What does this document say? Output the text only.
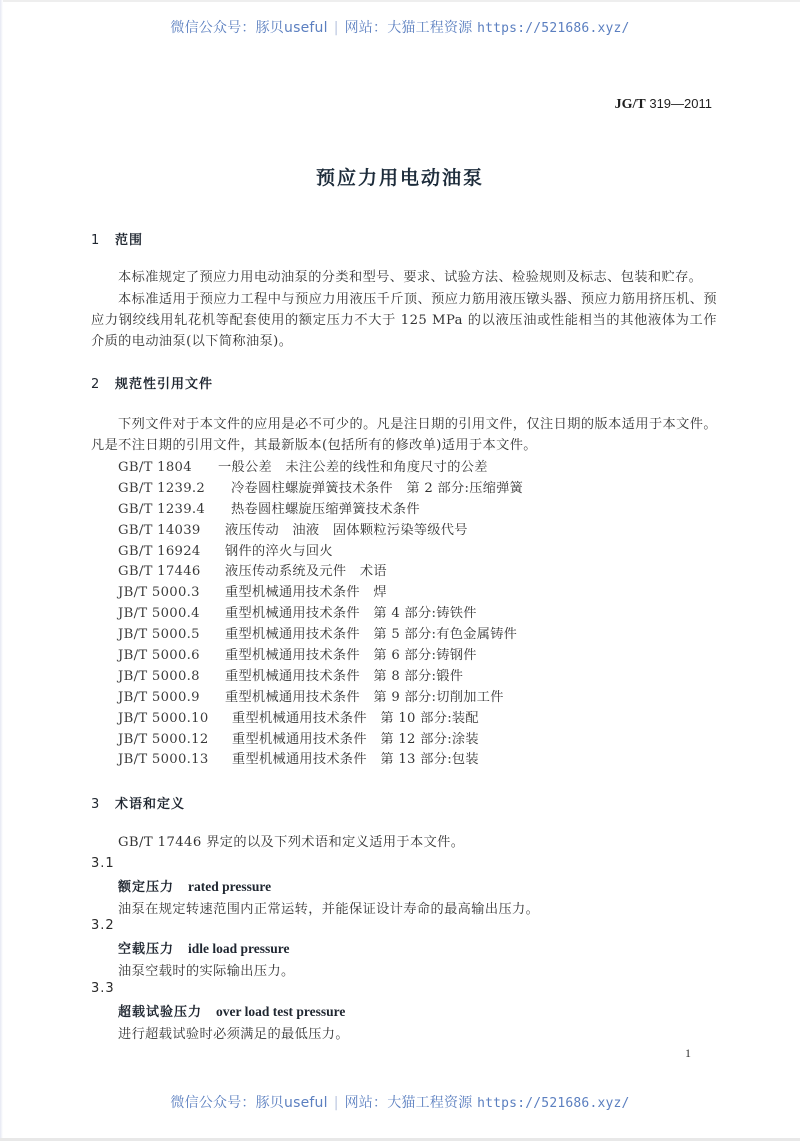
微信公众号：豚贝useful | 网站：大猫工程资源 https://521686.xyz/
JG/T 319—2011
预应力用电动油泵
1 范围
本标准规定了预应力用电动油泵的分类和型号、要求、试验方法、检验规则及标志、包装和贮存。
本标准适用于预应力工程中与预应力用液压千斤顶、预应力筋用液压镦头器、预应力筋用挤压机、预应力钢绞线用轧花机等配套使用的额定压力不大于 125 MPa 的以液压油或性能相当的其他液体为工作介质的电动油泵(以下简称油泵)。
2 规范性引用文件
下列文件对于本文件的应用是必不可少的。凡是注日期的引用文件，仅注日期的版本适用于本文件。凡是不注日期的引用文件，其最新版本(包括所有的修改单)适用于本文件。
GB/T 1804 一般公差　未注公差的线性和角度尺寸的公差
GB/T 1239.2 冷卷圆柱螺旋弹簧技术条件　第 2 部分:压缩弹簧
GB/T 1239.4 热卷圆柱螺旋压缩弹簧技术条件
GB/T 14039 液压传动　油液　固体颗粒污染等级代号
GB/T 16924 钢件的淬火与回火
GB/T 17446 液压传动系统及元件　术语
JB/T 5000.3 重型机械通用技术条件　焊
JB/T 5000.4 重型机械通用技术条件　第 4 部分:铸铁件
JB/T 5000.5 重型机械通用技术条件　第 5 部分:有色金属铸件
JB/T 5000.6 重型机械通用技术条件　第 6 部分:铸钢件
JB/T 5000.8 重型机械通用技术条件　第 8 部分:锻件
JB/T 5000.9 重型机械通用技术条件　第 9 部分:切削加工件
JB/T 5000.10 重型机械通用技术条件　第 10 部分:装配
JB/T 5000.12 重型机械通用技术条件　第 12 部分:涂装
JB/T 5000.13 重型机械通用技术条件　第 13 部分:包装
3 术语和定义
GB/T 17446 界定的以及下列术语和定义适用于本文件。
3.1
额定压力 rated pressure
油泵在规定转速范围内正常运转，并能保证设计寿命的最高输出压力。
3.2
空载压力 idle load pressure
油泵空载时的实际输出压力。
3.3
超载试验压力 over load test pressure
进行超载试验时必须满足的最低压力。
1
微信公众号：豚贝useful | 网站：大猫工程资源 https://521686.xyz/
